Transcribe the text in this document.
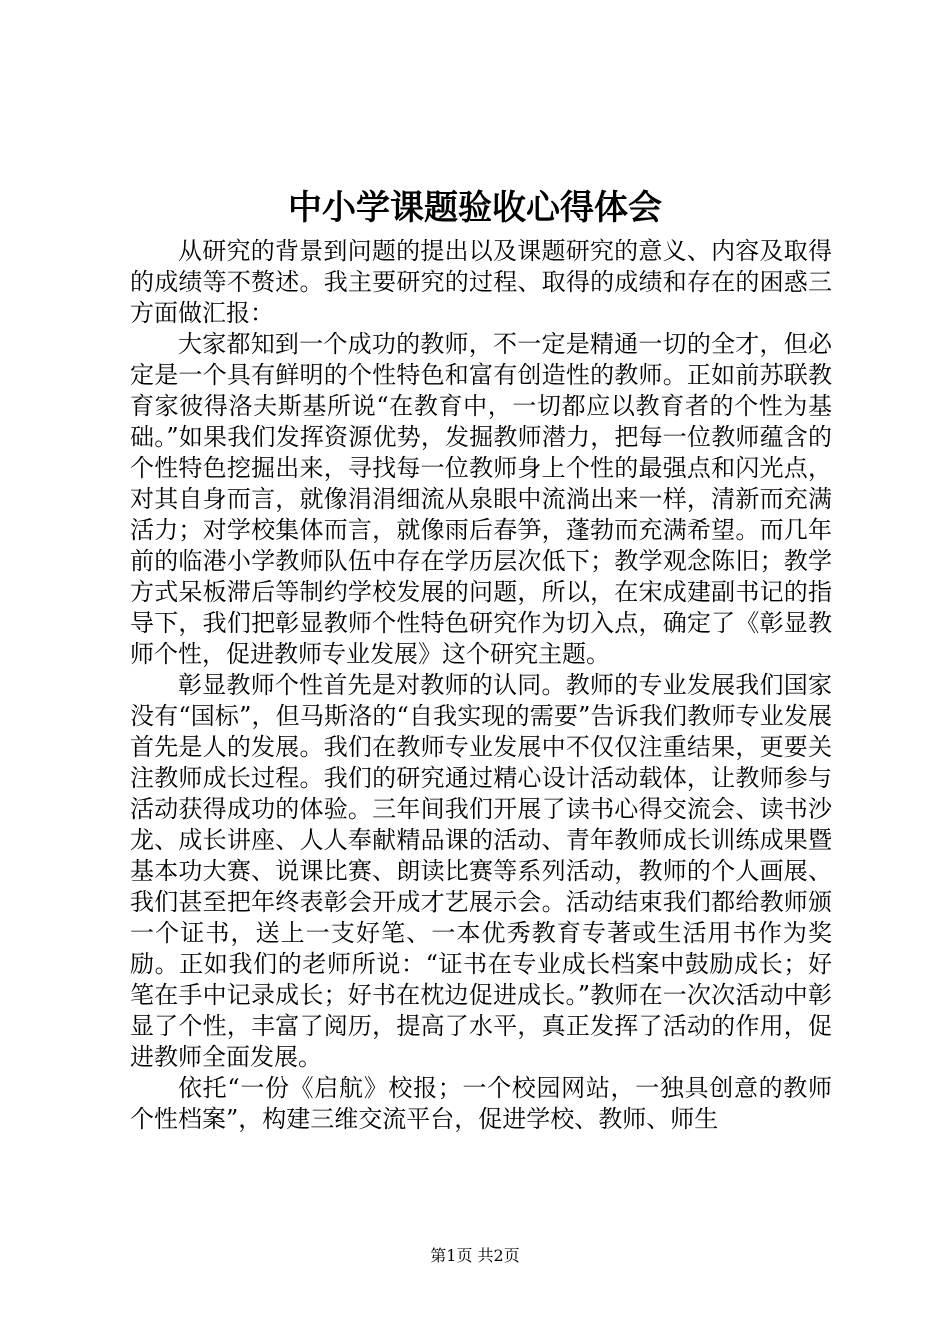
中小学课题验收心得体会

从研究的背景到问题的提出以及课题研究的意义、内容及取得的成绩等不赘述。我主要研究的过程、取得的成绩和存在的困惑三方面做汇报：

大家都知到一个成功的教师，不一定是精通一切的全才，但必定是一个具有鲜明的个性特色和富有创造性的教师。正如前苏联教育家彼得洛夫斯基所说“在教育中，一切都应以教育者的个性为基础。”如果我们发挥资源优势，发掘教师潜力，把每一位教师蕴含的个性特色挖掘出来，寻找每一位教师身上个性的最强点和闪光点，对其自身而言，就像涓涓细流从泉眼中流淌出来一样，清新而充满活力；对学校集体而言，就像雨后春笋，蓬勃而充满希望。而几年前的临港小学教师队伍中存在学历层次低下；教学观念陈旧；教学方式呆板滞后等制约学校发展的问题，所以，在宋成建副书记的指导下，我们把彰显教师个性特色研究作为切入点，确定了《彰显教师个性，促进教师专业发展》这个研究主题。

彰显教师个性首先是对教师的认同。教师的专业发展我们国家没有“国标”，但马斯洛的“自我实现的需要”告诉我们教师专业发展首先是人的发展。我们在教师专业发展中不仅仅注重结果，更要关注教师成长过程。我们的研究通过精心设计活动载体，让教师参与活动获得成功的体验。三年间我们开展了读书心得交流会、读书沙龙、成长讲座、人人奉献精品课的活动、青年教师成长训练成果暨基本功大赛、说课比赛、朗读比赛等系列活动，教师的个人画展、我们甚至把年终表彰会开成才艺展示会。活动结束我们都给教师颁一个证书，送上一支好笔、一本优秀教育专著或生活用书作为奖励。正如我们的老师所说：“证书在专业成长档案中鼓励成长；好笔在手中记录成长；好书在枕边促进成长。”教师在一次次活动中彰显了个性，丰富了阅历，提高了水平，真正发挥了活动的作用，促进教师全面发展。

依托“一份《启航》校报；一个校园网站，一独具创意的教师个性档案”，构建三维交流平台，促进学校、教师、师生

第1页 共2页
